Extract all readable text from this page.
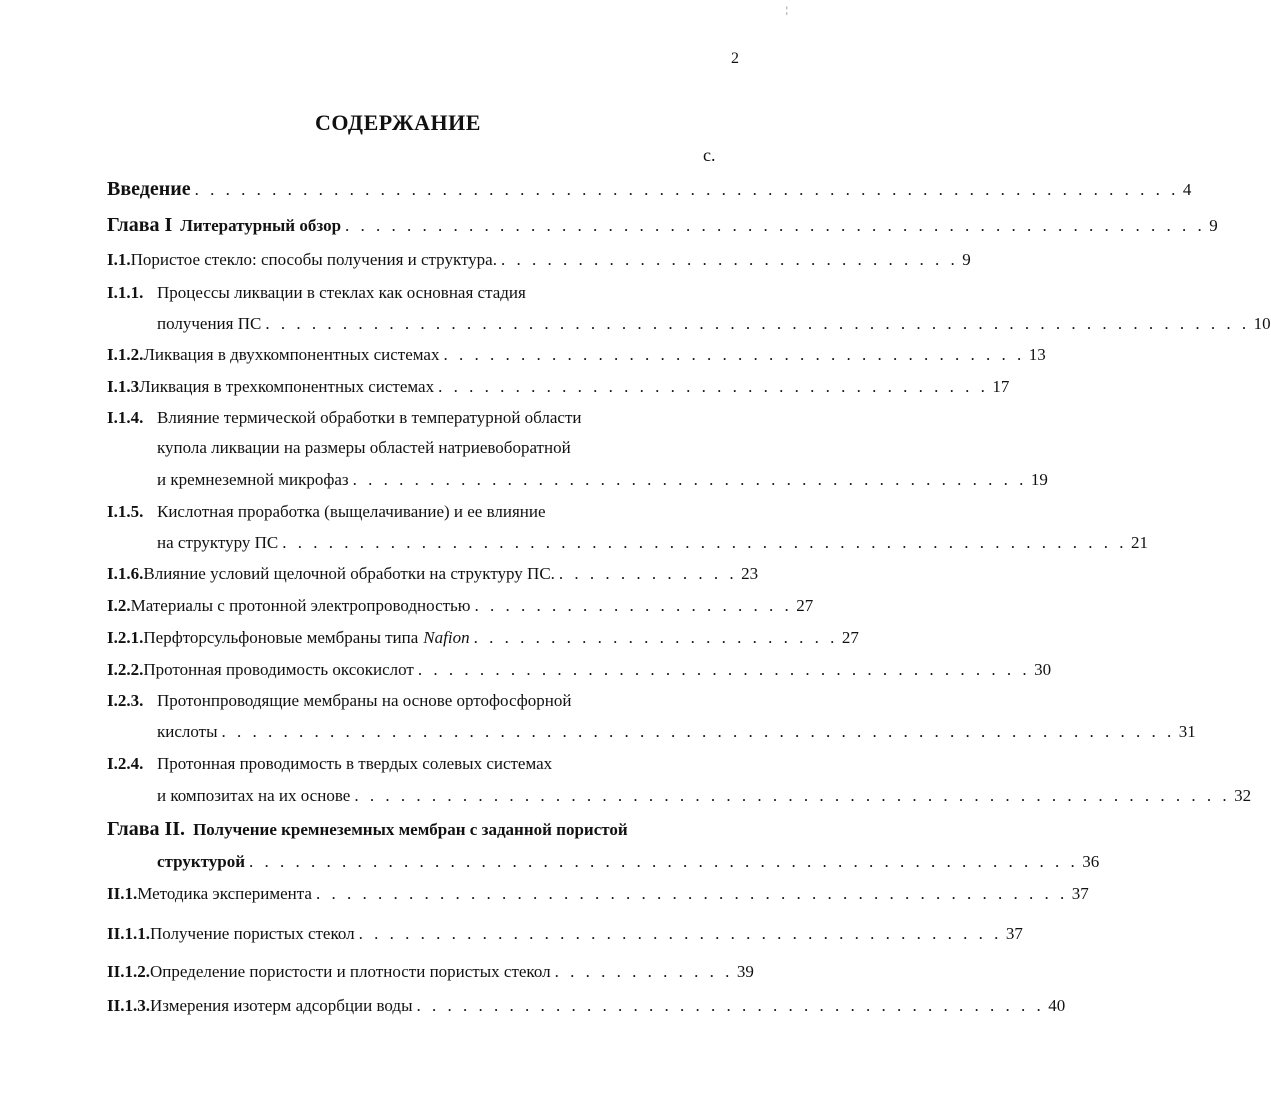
2
¦
СОДЕРЖАНИЕ
с.
Введение . . . . . . . . . . . . . . . . . . . . . . . . . . . . . . . . . . . . . . . . . . . . . . . . . . . . . . . . . . . . . . . . 4
Глава I Литературный обзор . . . . . . . . . . . . . . . . . . . . . . . . . . . . . . . . . . . . . . . . . . . . . . . . . . . . . . . . 9
I.1. Пористое стекло: способы получения и структура. . . . . . . . . . . . . . . . . . . . . . . . . . . . . . . 9
I.1.1. Процессы ликвации в стеклах как основная стадия
получения ПС . . . . . . . . . . . . . . . . . . . . . . . . . . . . . . . . . . . . . . . . . . . . . . . . . . . . . . . . . . . . . . . . 10
I.1.2. Ликвация в двухкомпонентных системах . . . . . . . . . . . . . . . . . . . . . . . . . . . . . . . . . . . . . . 13
I.1.3 Ликвация в трехкомпонентных системах . . . . . . . . . . . . . . . . . . . . . . . . . . . . . . . . . . . . 17
I.1.4. Влияние термической обработки в температурной области
купола ликвации на размеры областей натриевоборатной
и кремнеземной микрофаз . . . . . . . . . . . . . . . . . . . . . . . . . . . . . . . . . . . . . . . . . . . . 19
I.1.5. Кислотная проработка (выщелачивание) и ее влияние
на структуру ПС . . . . . . . . . . . . . . . . . . . . . . . . . . . . . . . . . . . . . . . . . . . . . . . . . . . . . . . 21
I.1.6. Влияние условий щелочной обработки на структуру ПС. . . . . . . . . . . . . 23
I.2. Материалы с протонной электропроводностью . . . . . . . . . . . . . . . . . . . . . 27
I.2.1. Перфторсульфоновые мембраны типа Nafion . . . . . . . . . . . . . . . . . . . . . . . . 27
I.2.2. Протонная проводимость оксокислот . . . . . . . . . . . . . . . . . . . . . . . . . . . . . . . . . . . . . . . . 30
I.2.3. Протонпроводящие мембраны на основе ортофосфорной
кислоты . . . . . . . . . . . . . . . . . . . . . . . . . . . . . . . . . . . . . . . . . . . . . . . . . . . . . . . . . . . . . . 31
I.2.4. Протонная проводимость в твердых солевых системах
и композитах на их основе . . . . . . . . . . . . . . . . . . . . . . . . . . . . . . . . . . . . . . . . . . . . . . . . . . . . . . . . . 32
Глава II. Получение кремнеземных мембран с заданной пористой
структурой . . . . . . . . . . . . . . . . . . . . . . . . . . . . . . . . . . . . . . . . . . . . . . . . . . . . . . 36
II.1. Методика эксперимента . . . . . . . . . . . . . . . . . . . . . . . . . . . . . . . . . . . . . . . . . . . . . . . . . 37
II.1.1. Получение пористых стекол . . . . . . . . . . . . . . . . . . . . . . . . . . . . . . . . . . . . . . . . . . 37
II.1.2. Определение пористости и плотности пористых стекол . . . . . . . . . . . . 39
II.1.3. Измерения изотерм адсорбции воды . . . . . . . . . . . . . . . . . . . . . . . . . . . . . . . . . . . . . . . . . 40
